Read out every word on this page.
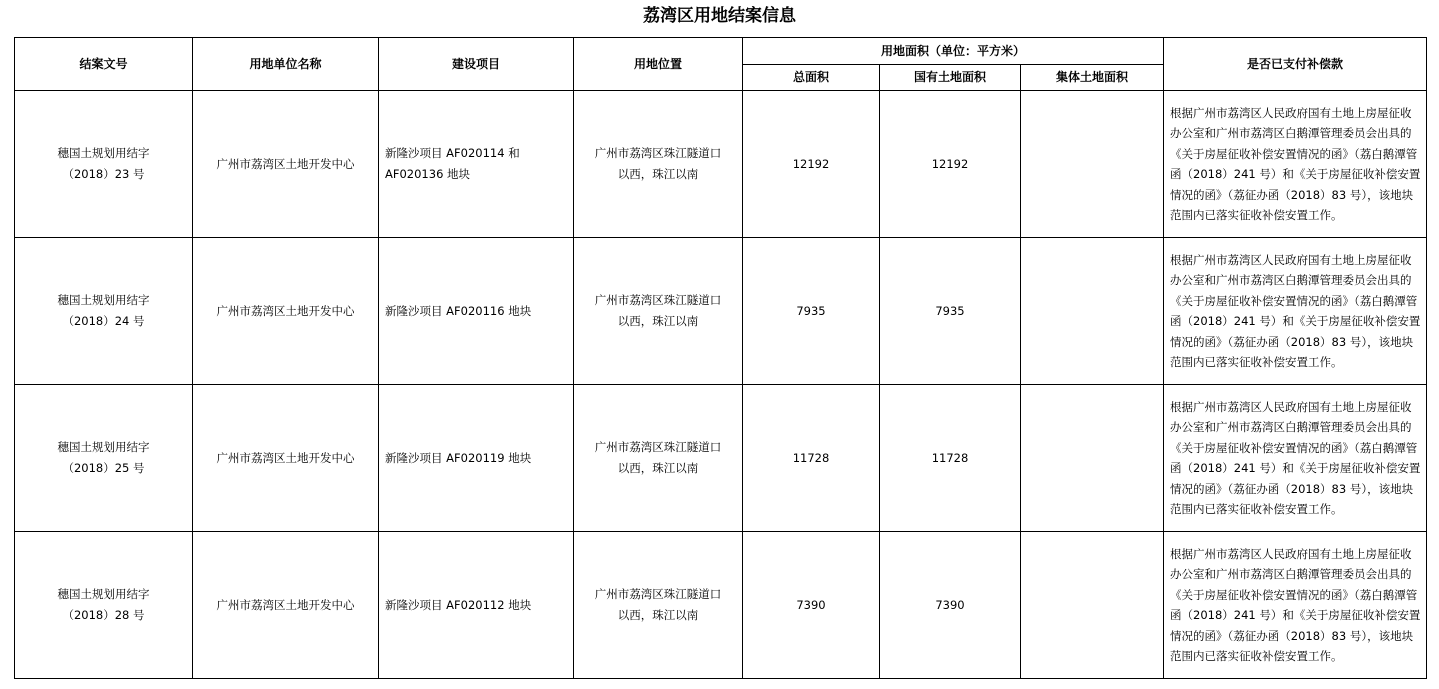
荔湾区用地结案信息
结案文号	用地单位名称	建设项目	用地位置	用地面积（单位：平方米）			是否已支付补偿款
				总面积	国有土地面积	集体土地面积	

穗国土规划用结字
（2018）23 号	广州市荔湾区土地开发中心	新隆沙项目 AF020114 和
AF020136 地块	广州市荔湾区珠江隧道口
以西，珠江以南	12192	12192		根据广州市荔湾区人民政府国有土地上房屋征收办公室和广州市荔湾区白鹅潭管理委员会出具的《关于房屋征收补偿安置情况的函》（荔白鹅潭管函（2018）241 号）和《关于房屋征收补偿安置情况的函》（荔征办函（2018）83 号），该地块范围内已落实征收补偿安置工作。

穗国土规划用结字
（2018）24 号	广州市荔湾区土地开发中心	新隆沙项目 AF020116 地块	广州市荔湾区珠江隧道口
以西，珠江以南	7935	7935		根据广州市荔湾区人民政府国有土地上房屋征收办公室和广州市荔湾区白鹅潭管理委员会出具的《关于房屋征收补偿安置情况的函》（荔白鹅潭管函（2018）241 号）和《关于房屋征收补偿安置情况的函》（荔征办函（2018）83 号），该地块范围内已落实征收补偿安置工作。

穗国土规划用结字
（2018）25 号	广州市荔湾区土地开发中心	新隆沙项目 AF020119 地块	广州市荔湾区珠江隧道口
以西，珠江以南	11728	11728		根据广州市荔湾区人民政府国有土地上房屋征收办公室和广州市荔湾区白鹅潭管理委员会出具的《关于房屋征收补偿安置情况的函》（荔白鹅潭管函（2018）241 号）和《关于房屋征收补偿安置情况的函》（荔征办函（2018）83 号），该地块范围内已落实征收补偿安置工作。

穗国土规划用结字
（2018）28 号	广州市荔湾区土地开发中心	新隆沙项目 AF020112 地块	广州市荔湾区珠江隧道口
以西，珠江以南	7390	7390		根据广州市荔湾区人民政府国有土地上房屋征收办公室和广州市荔湾区白鹅潭管理委员会出具的《关于房屋征收补偿安置情况的函》（荔白鹅潭管函（2018）241 号）和《关于房屋征收补偿安置情况的函》（荔征办函（2018）83 号），该地块范围内已落实征收补偿安置工作。
